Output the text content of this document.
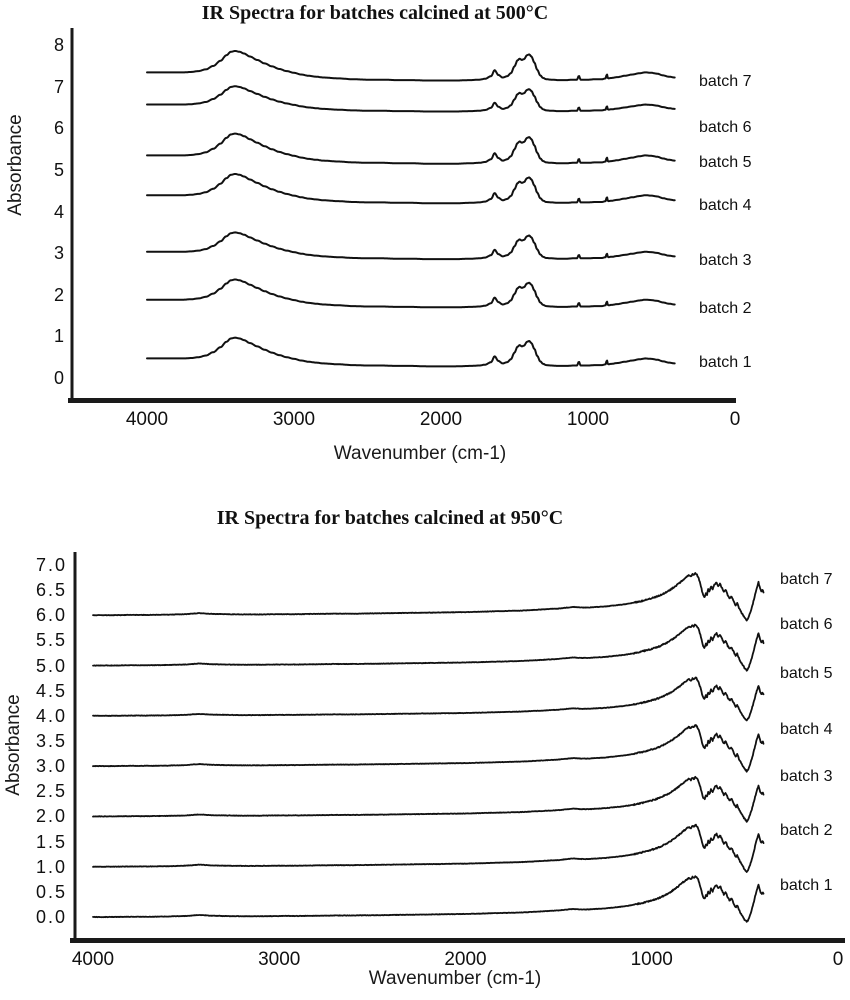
IR Spectra for batches calcined at 500°C
Absorbance
Wavenumber (cm-1)
IR Spectra for batches calcined at 950°C
Absorbance
Wavenumber (cm-1)
0
1
2
3
4
5
6
7
8
4000	3000	2000	1000	0
batch 1
batch 2
batch 3
batch 4
batch 5
batch 6
batch 7
0.0
0.5
1.0
1.5
2.0
2.5
3.0
3.5
4.0
4.5
5.0
5.5
6.0
6.5
7.0
4000	3000	2000	1000	0
batch 1
batch 2
batch 3
batch 4
batch 5
batch 6
batch 7
